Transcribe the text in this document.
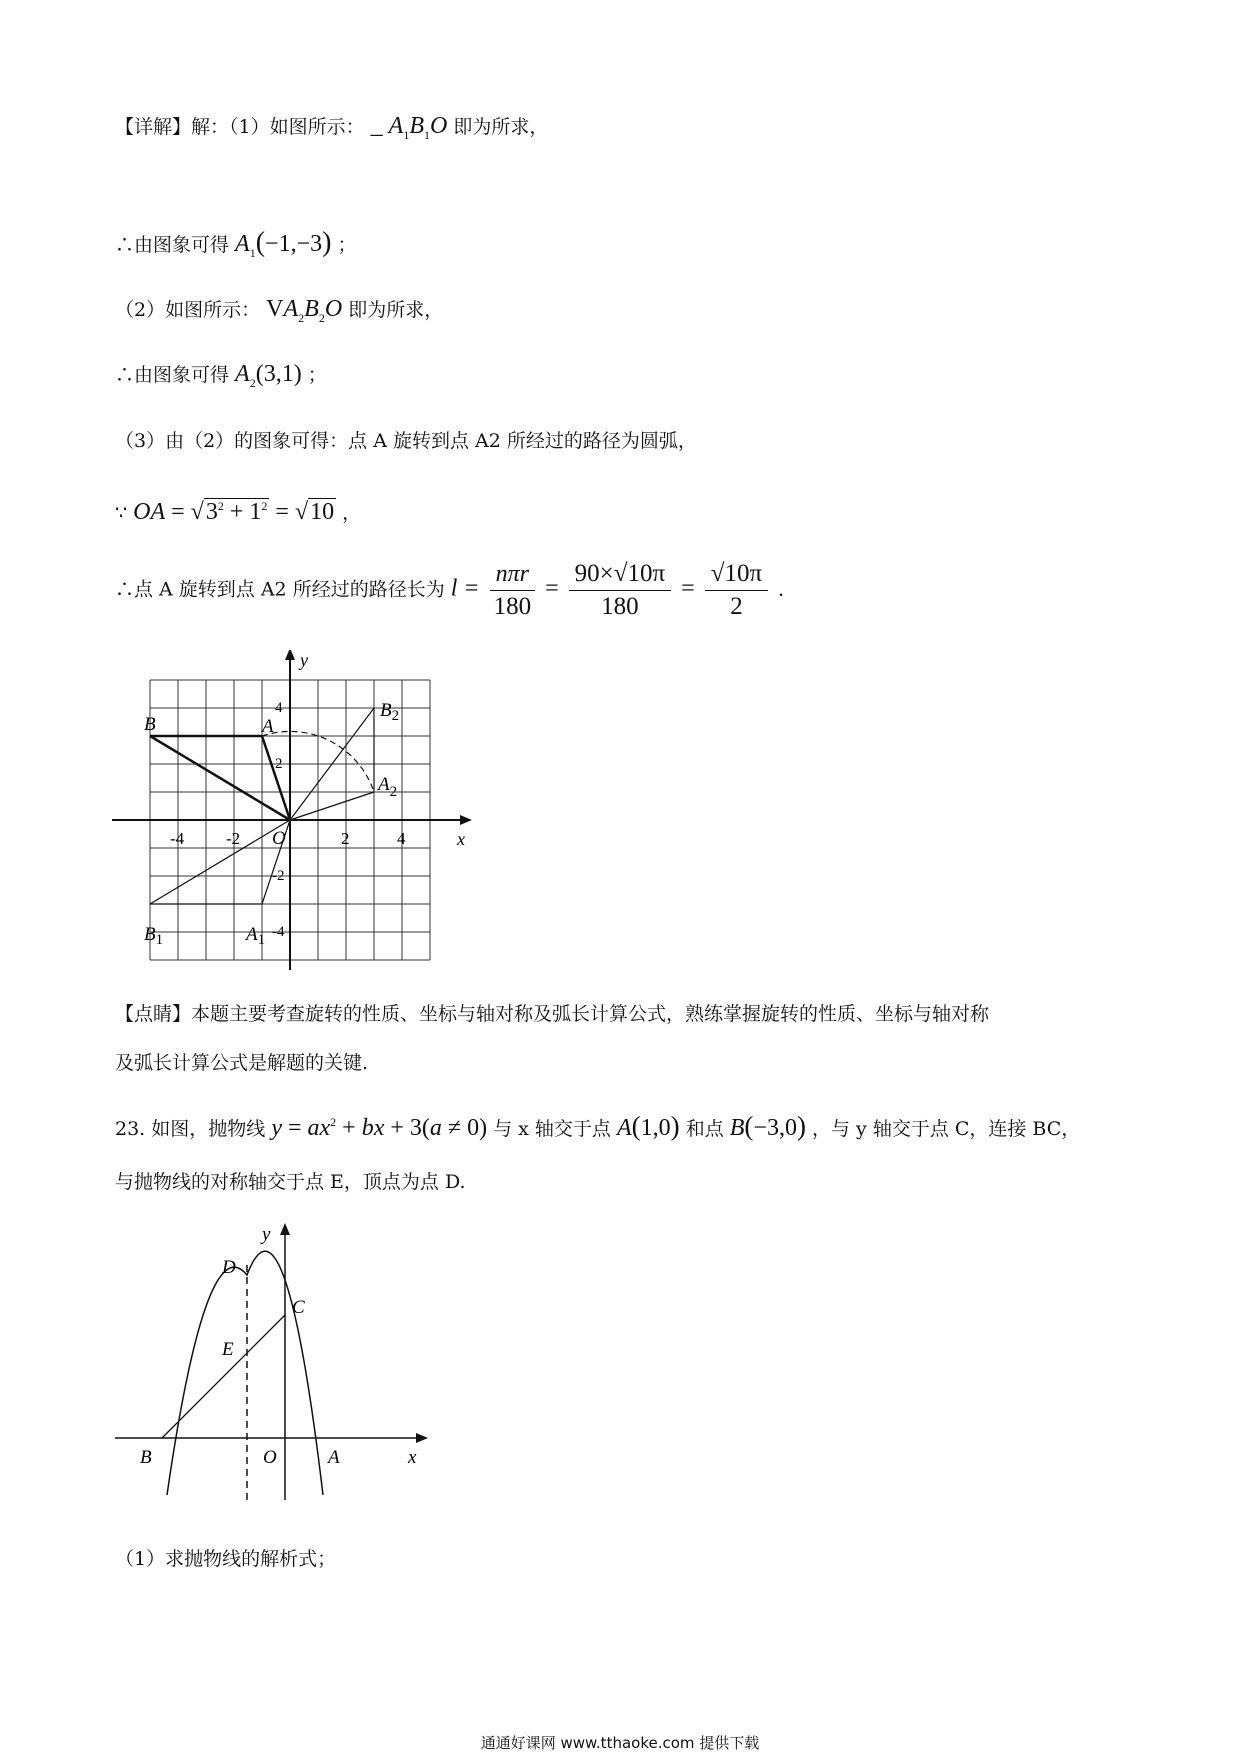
【详解】解：（1）如图所示： _ $A_1B_1O$ 即为所求，
∴由图象可得 $A_1(-1,-3)$ ；
（2）如图所示： $VA_2B_2O$ 即为所求，
∴由图象可得 $A_2(3,1)$ ；
（3）由（2）的图象可得：点 A 旋转到点 A2 所经过的路径为圆弧，
∵ OA = $√3^2 + 1^2 = √10$ ，
∴点 A 旋转到点 A2 所经过的路径长为 $l = \frac{\text{nπr}}{180} = \frac{90\times√10\pi}{180} = \frac{√10\pi}{2}$ ．
x
y
-4 -2	2	4
4
2
-2
-4
O
B	A
$B_2$
$A_2$
$B_1$	$A_1$
【点睛】本题主要考查旋转的性质、坐标与轴对称及弧长计算公式，熟练掌握旋转的性质、坐标与轴对称
及弧长计算公式是解题的关键.
23. 如图，抛物线 $y = ax^2$ + bx + 3(a ≠ 0) 与 x 轴交于点 A(1,0) 和点 B(−3,0) ，与 y 轴交于点 C，连接 BC，
与抛物线的对称轴交于点 E，顶点为点 D.
x
y
D
C
E
B	O	A
（1）求抛物线的解析式；
通通好课网 www.tthaoke.com 提供下载
